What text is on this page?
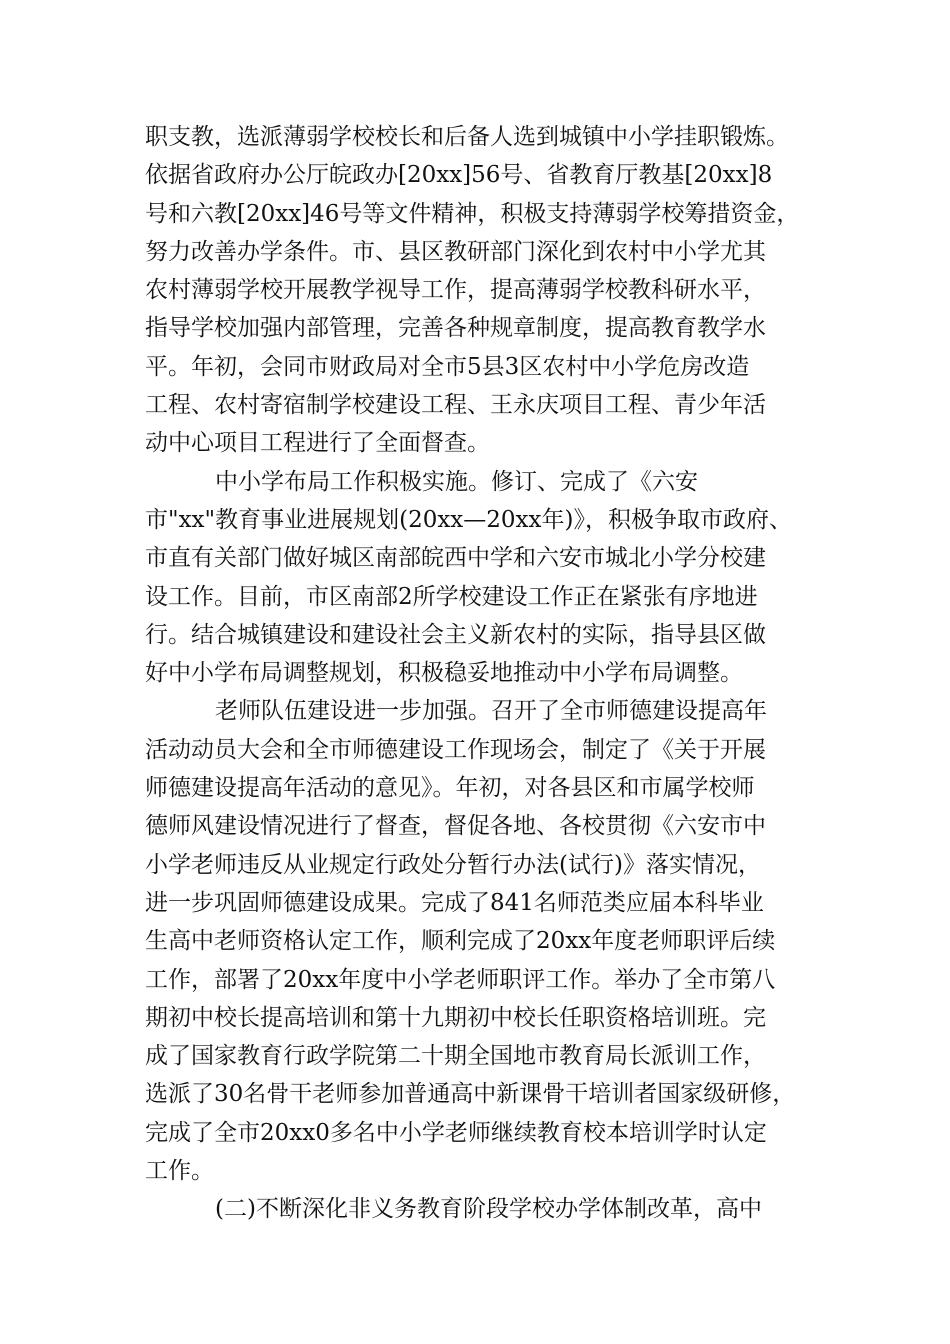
职支教，选派薄弱学校校长和后备人选到城镇中小学挂职锻炼。
依据省政府办公厅皖政办[20xx]56号、省教育厅教基[20xx]8
号和六教[20xx]46号等文件精神，积极支持薄弱学校筹措资金，
努力改善办学条件。市、县区教研部门深化到农村中小学尤其
农村薄弱学校开展教学视导工作，提高薄弱学校教科研水平，
指导学校加强内部管理，完善各种规章制度，提高教育教学水
平。年初，会同市财政局对全市5县3区农村中小学危房改造
工程、农村寄宿制学校建设工程、王永庆项目工程、青少年活
动中心项目工程进行了全面督查。
中小学布局工作积极实施。修订、完成了《六安
市"xx"教育事业进展规划(20xx—20xx年)》，积极争取市政府、
市直有关部门做好城区南部皖西中学和六安市城北小学分校建
设工作。目前，市区南部2所学校建设工作正在紧张有序地进
行。结合城镇建设和建设社会主义新农村的实际，指导县区做
好中小学布局调整规划，积极稳妥地推动中小学布局调整。
老师队伍建设进一步加强。召开了全市师德建设提高年
活动动员大会和全市师德建设工作现场会，制定了《关于开展
师德建设提高年活动的意见》。年初，对各县区和市属学校师
德师风建设情况进行了督查，督促各地、各校贯彻《六安市中
小学老师违反从业规定行政处分暂行办法(试行)》落实情况，
进一步巩固师德建设成果。完成了841名师范类应届本科毕业
生高中老师资格认定工作，顺利完成了20xx年度老师职评后续
工作，部署了20xx年度中小学老师职评工作。举办了全市第八
期初中校长提高培训和第十九期初中校长任职资格培训班。完
成了国家教育行政学院第二十期全国地市教育局长派训工作，
选派了30名骨干老师参加普通高中新课骨干培训者国家级研修，
完成了全市20xx0多名中小学老师继续教育校本培训学时认定
工作。
(二)不断深化非义务教育阶段学校办学体制改革，高中
